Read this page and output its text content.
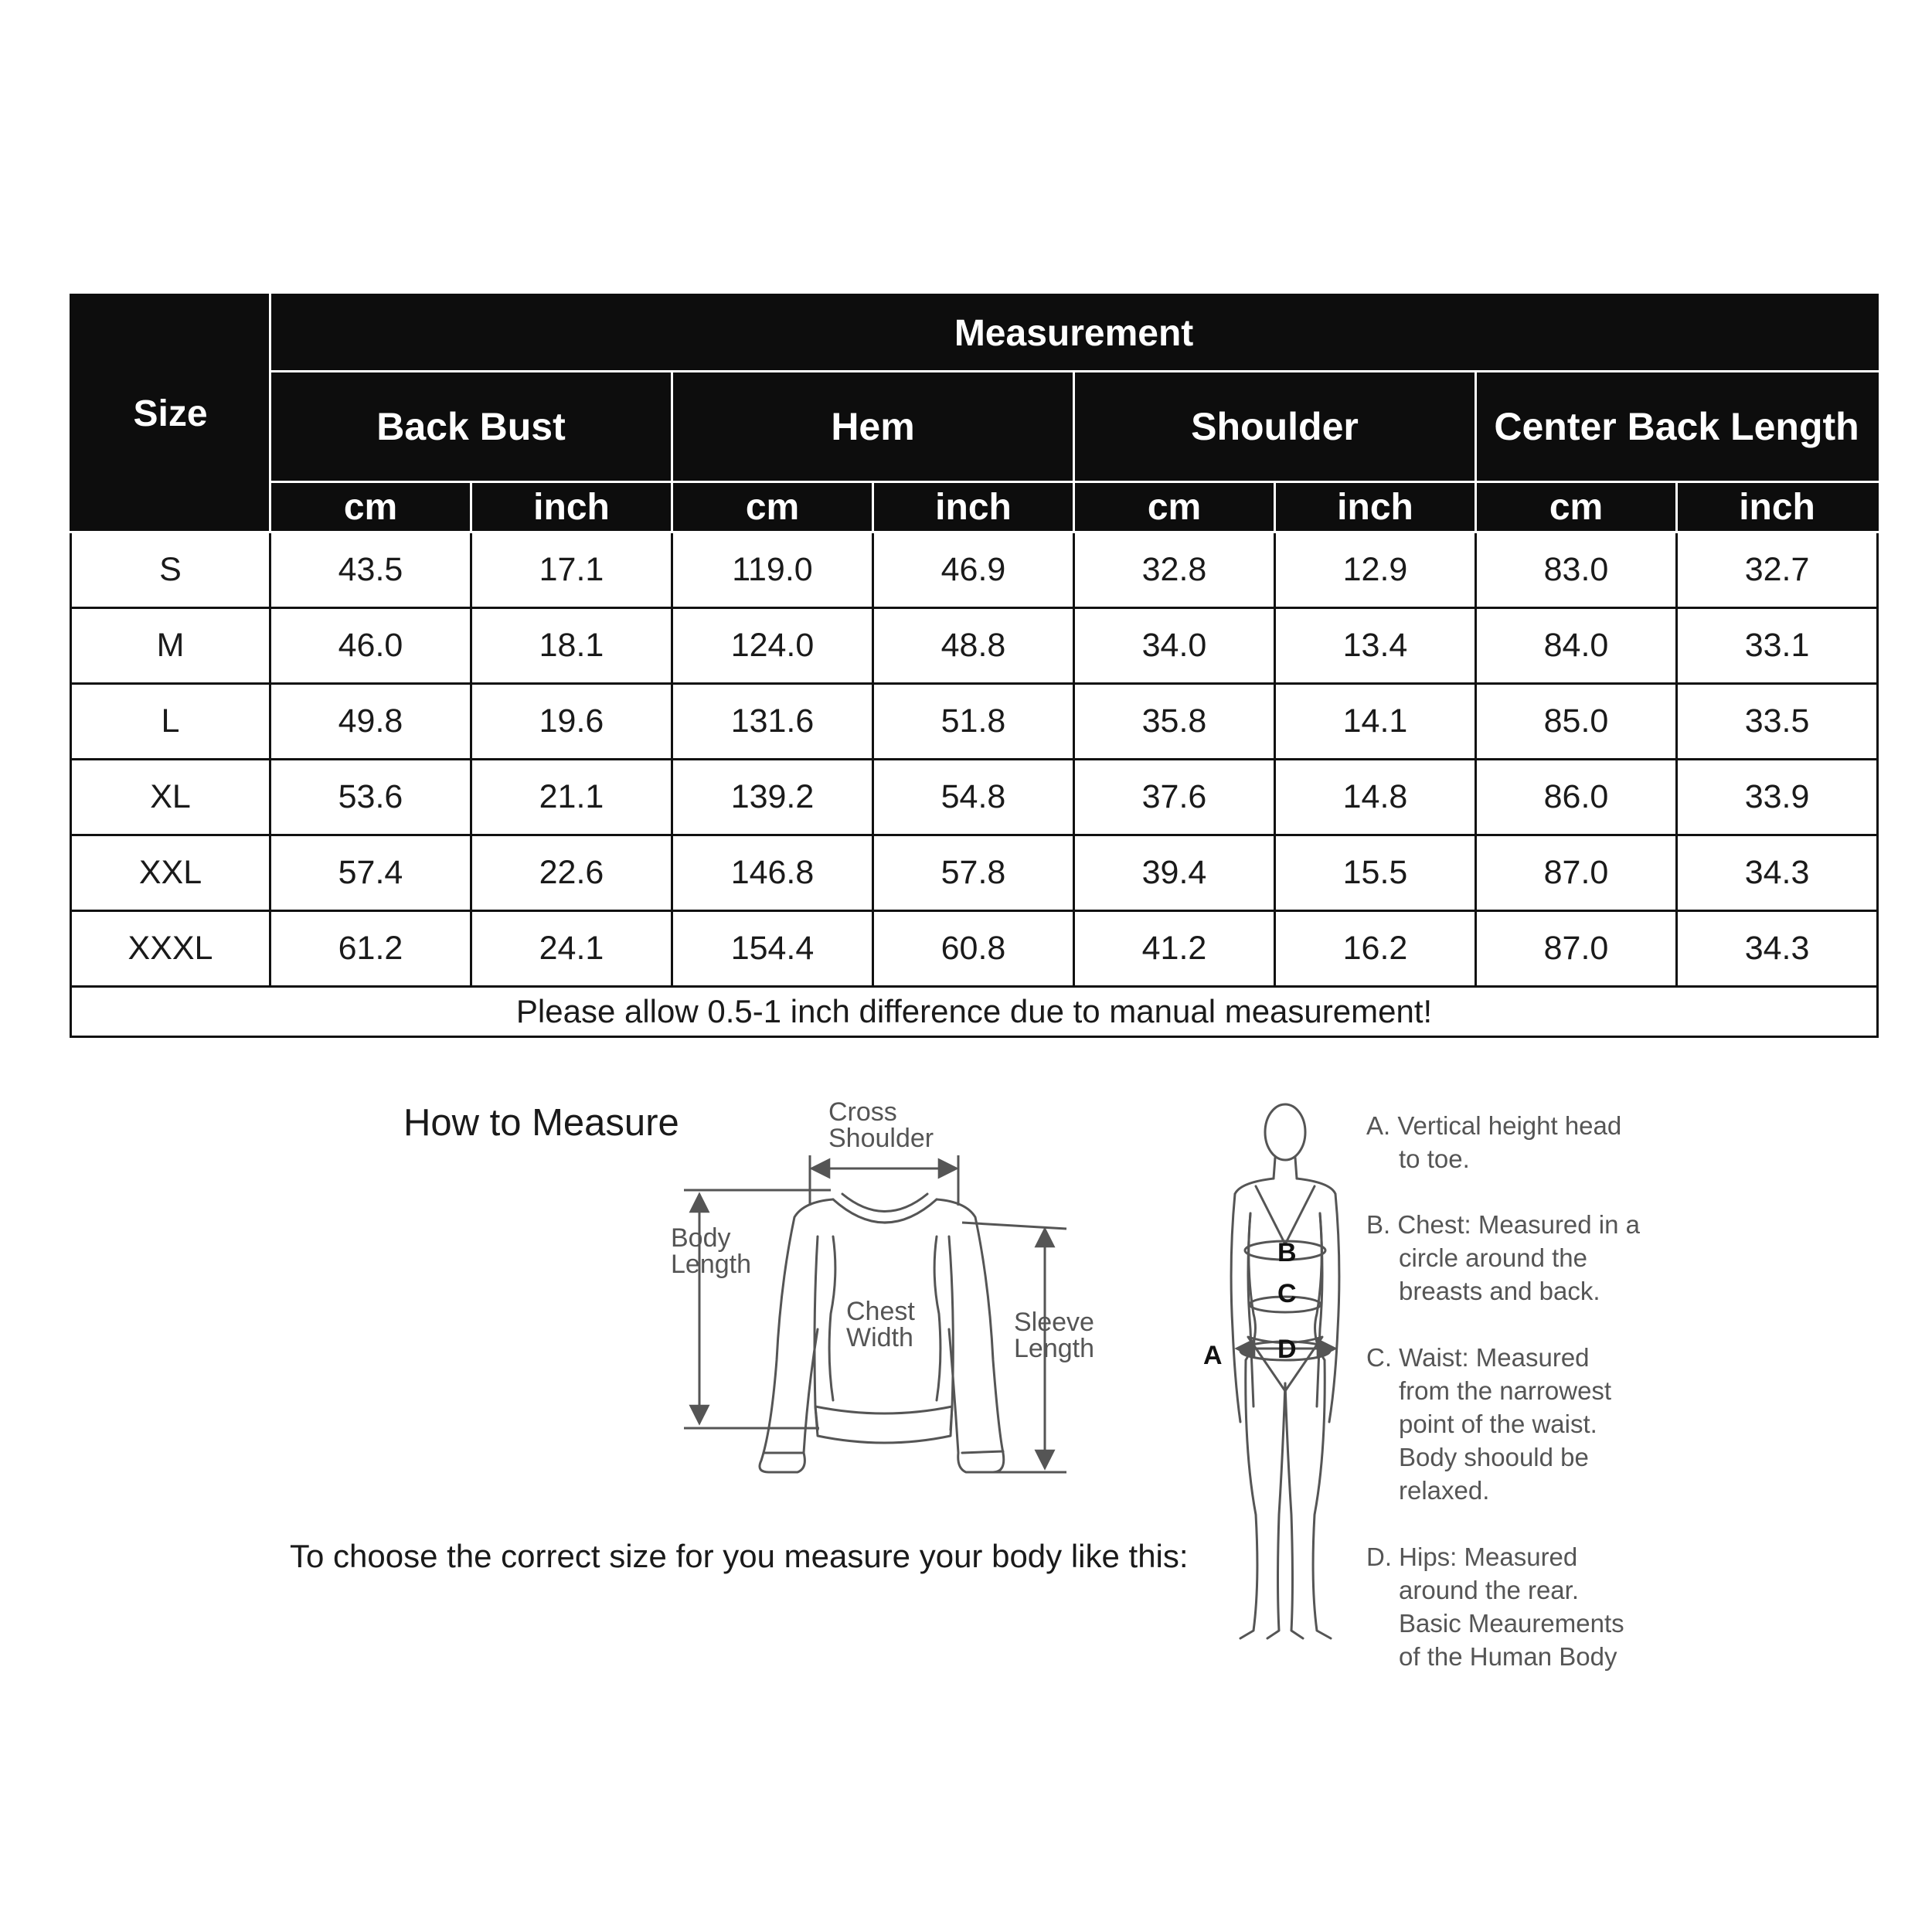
Size	Measurement							
	Back Bust		Hem		Shoulder		Center Back Length	
	cm	inch	cm	inch	cm	inch	cm	inch
S	43.5	17.1	119.0	46.9	32.8	12.9	83.0	32.7
M	46.0	18.1	124.0	48.8	34.0	13.4	84.0	33.1
L	49.8	19.6	131.6	51.8	35.8	14.1	85.0	33.5
XL	53.6	21.1	139.2	54.8	37.6	14.8	86.0	33.9
XXL	57.4	22.6	146.8	57.8	39.4	15.5	87.0	34.3
XXXL	61.2	24.1	154.4	60.8	41.2	16.2	87.0	34.3
Please allow 0.5-1 inch difference due to manual measurement!								
How to Measure
To choose the correct size for you measure your body like this:
Cross
Shoulder
Body
Length
Chest
Width
Sleeve
Length	A
B
C
D
A. Vertical height head
to toe.
B. Chest: Measured in a
circle around the
breasts and back.
C. Waist: Measured
from the narrowest
point of the waist.
Body shoould be
relaxed.
D. Hips: Measured
around the rear.
Basic Meaurements
of the Human Body
